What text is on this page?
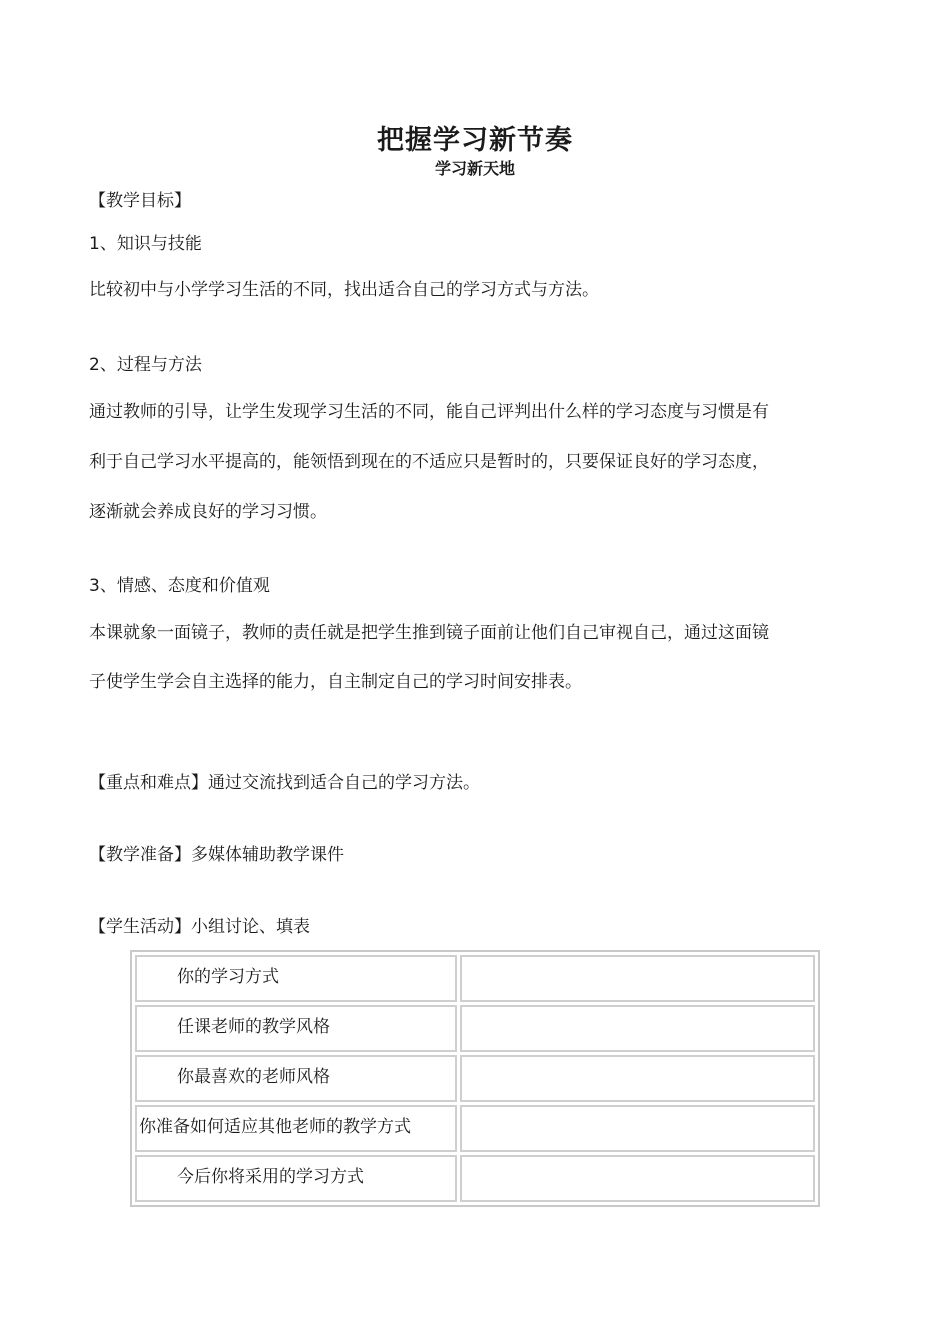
把握学习新节奏
学习新天地
【教学目标】
1、知识与技能
比较初中与小学学习生活的不同，找出适合自己的学习方式与方法。
2、过程与方法
通过教师的引导，让学生发现学习生活的不同，能自己评判出什么样的学习态度与习惯是有
利于自己学习水平提高的，能领悟到现在的不适应只是暂时的，只要保证良好的学习态度，
逐渐就会养成良好的学习习惯。
3、情感、态度和价值观
本课就象一面镜子，教师的责任就是把学生推到镜子面前让他们自己审视自己，通过这面镜
子使学生学会自主选择的能力，自主制定自己的学习时间安排表。
【重点和难点】通过交流找到适合自己的学习方法。
【教学准备】多媒体辅助教学课件
【学生活动】小组讨论、填表
你的学习方式	

任课老师的教学风格	

你最喜欢的老师风格	

你准备如何适应其他老师的教学方式	

今后你将采用的学习方式	
